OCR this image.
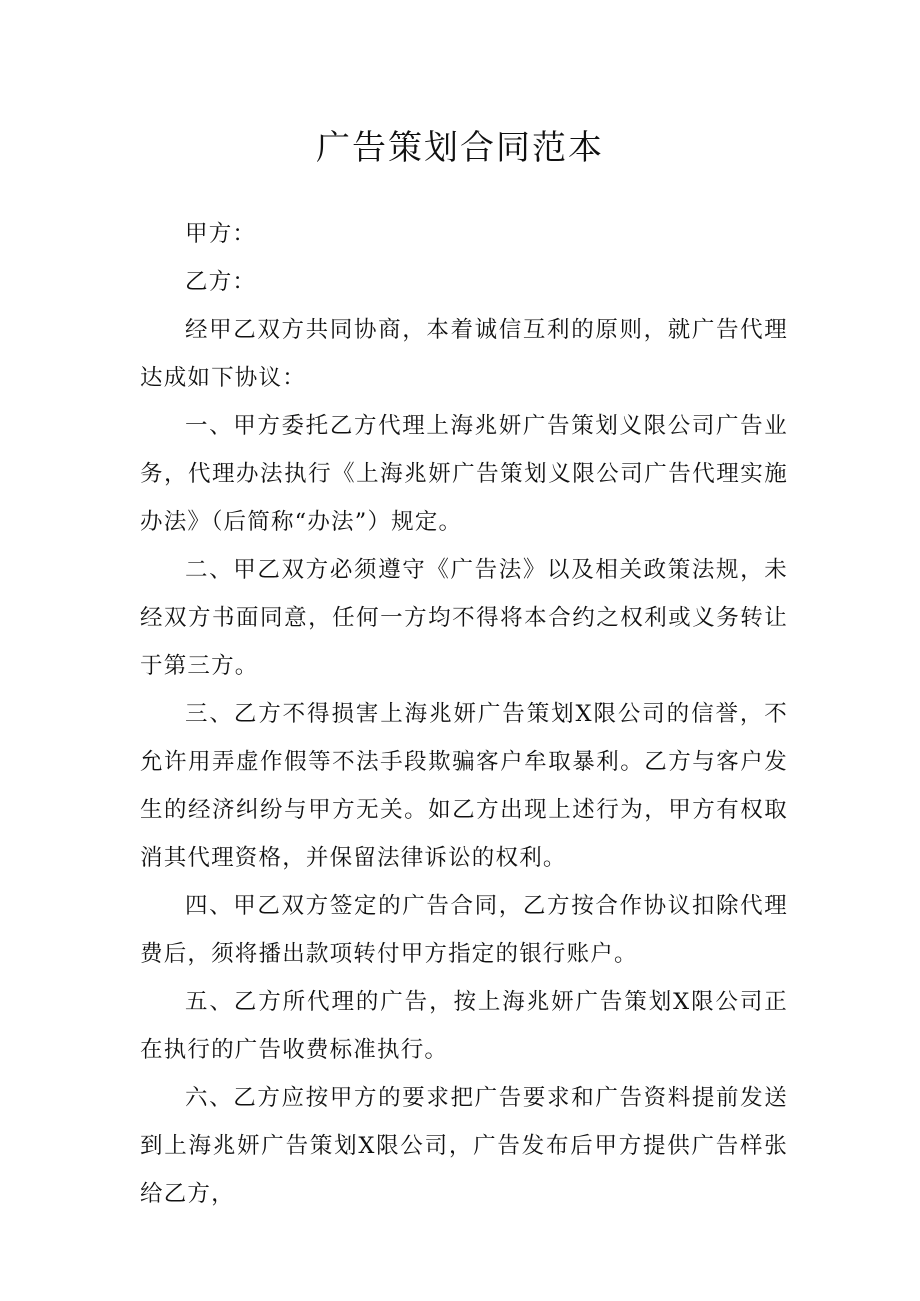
广告策划合同范本

甲方：

乙方：

经甲乙双方共同协商，本着诚信互利的原则，就广告代理达成如下协议：

一、甲方委托乙方代理上海兆妍广告策划义限公司广告业务，代理办法执行《上海兆妍广告策划义限公司广告代理实施办法》（后简称“办法”）规定。

二、甲乙双方必须遵守《广告法》以及相关政策法规，未经双方书面同意，任何一方均不得将本合约之权利或义务转让于第三方。

三、乙方不得损害上海兆妍广告策划X限公司的信誉，不允许用弄虚作假等不法手段欺骗客户牟取暴利。乙方与客户发生的经济纠纷与甲方无关。如乙方出现上述行为，甲方有权取消其代理资格，并保留法律诉讼的权利。

四、甲乙双方签定的广告合同，乙方按合作协议扣除代理费后，须将播出款项转付甲方指定的银行账户。

五、乙方所代理的广告，按上海兆妍广告策划X限公司正在执行的广告收费标准执行。

六、乙方应按甲方的要求把广告要求和广告资料提前发送到上海兆妍广告策划X限公司，广告发布后甲方提供广告样张给乙方，
